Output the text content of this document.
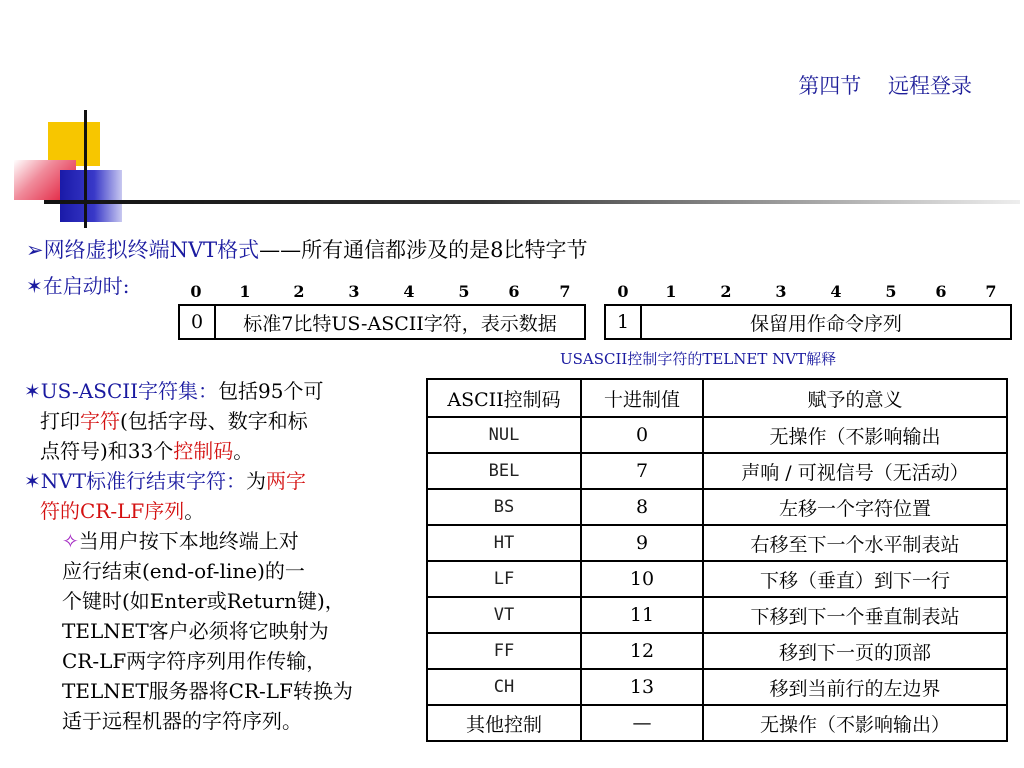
第四节    远程登录
➢网络虚拟终端NVT格式——所有通信都涉及的是8比特字节
✶在启动时:	0 1	2	3	4	5 6 7	0 1	2	3	4	5 6 7
0	标准7比特US-ASCII字符，表示数据	1	保留用作命令序列
USASCII控制字符的TELNET NVT解释

✶US-ASCII字符集：包括95个可

打印字符(包括字母、数字和标

点符号)和33个控制码。

✶NVT标准行结束字符：为两字

符的CR-LF序列。

✧当用户按下本地终端上对

应行结束(end-of-line)的一

个键时(如Enter或Return键)，

TELNET客户必须将它映射为

CR-LF两字符序列用作传输，

TELNET服务器将CR-LF转换为

适于远程机器的字符序列。

ASCII控制码	十进制值	赋予的意义
NUL	0	无操作（不影响输出
BEL	7	声响 / 可视信号（无活动）
BS	8	左移一个字符位置
HT	9	右移至下一个水平制表站
LF	10	下移（垂直）到下一行
VT	11	下移到下一个垂直制表站
FF	12	移到下一页的顶部
CH	13	移到当前行的左边界
其他控制	—	无操作（不影响输出）
